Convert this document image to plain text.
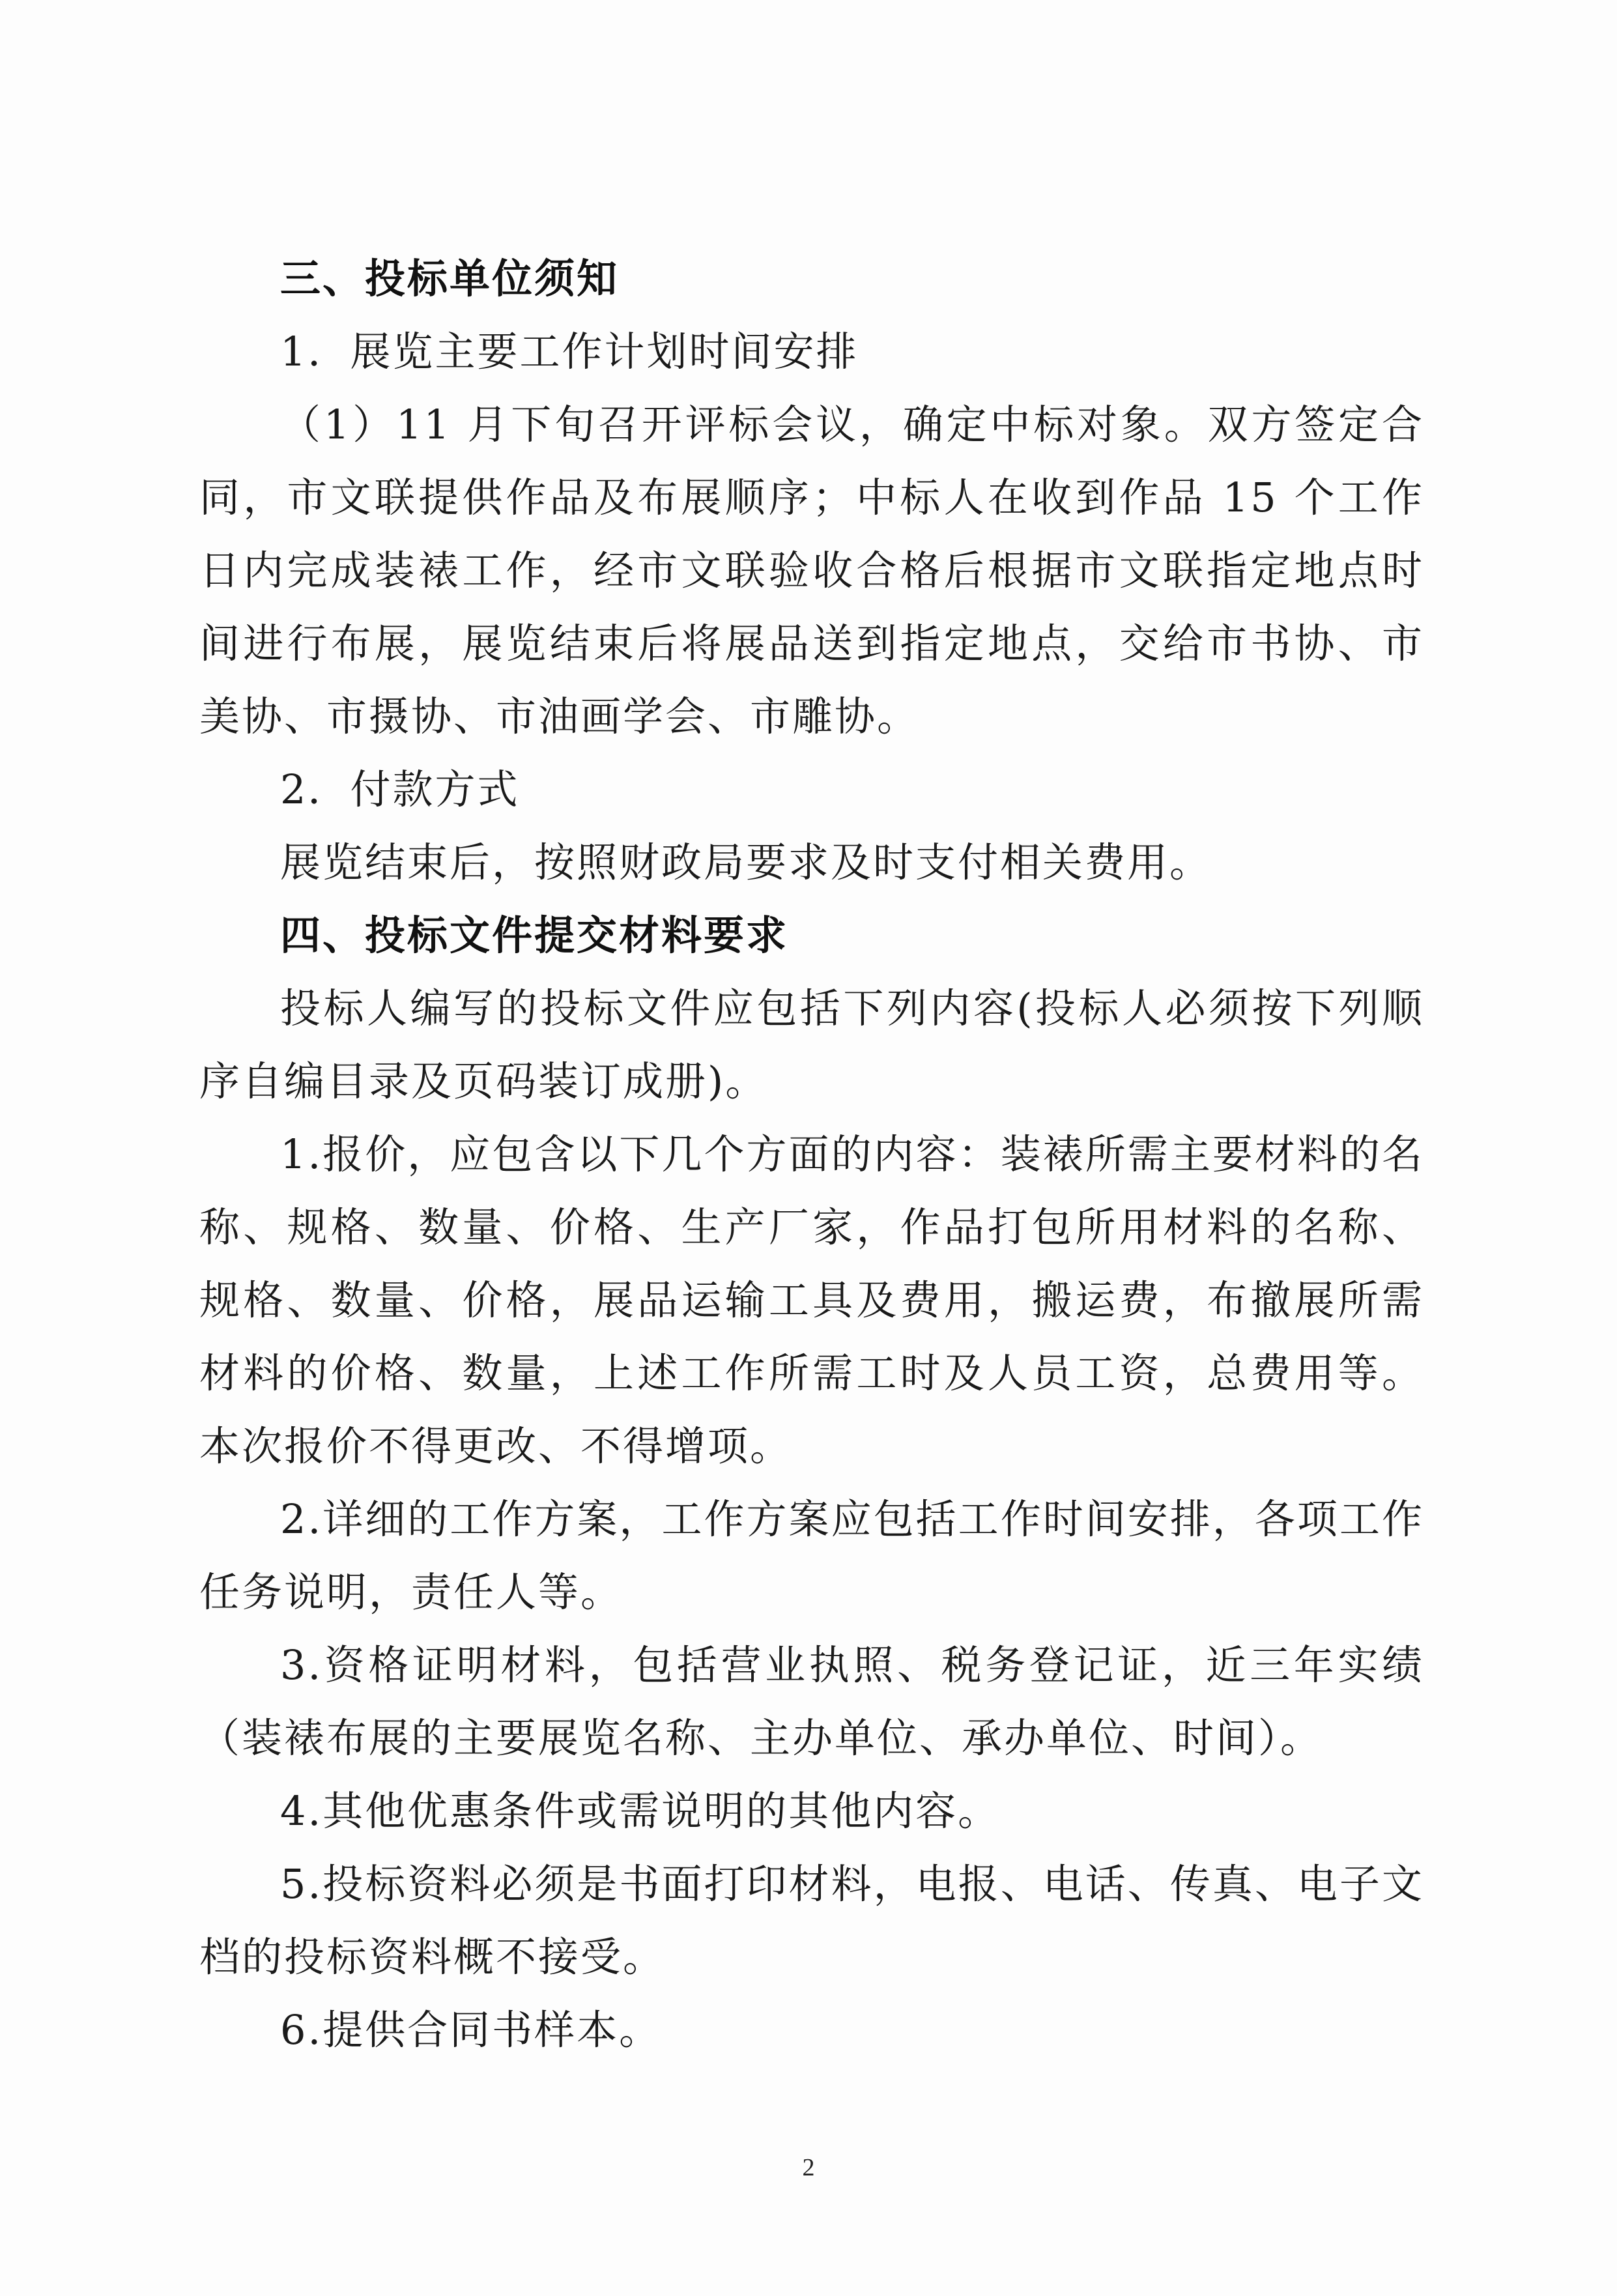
三、投标单位须知

1．展览主要工作计划时间安排

（1）11 月下旬召开评标会议，确定中标对象。双方签定合同，市文联提供作品及布展顺序；中标人在收到作品 15 个工作日内完成装裱工作，经市文联验收合格后根据市文联指定地点时间进行布展，展览结束后将展品送到指定地点，交给市书协、市美协、市摄协、市油画学会、市雕协。

2．付款方式

展览结束后，按照财政局要求及时支付相关费用。

四、投标文件提交材料要求

投标人编写的投标文件应包括下列内容(投标人必须按下列顺序自编目录及页码装订成册)。

1.报价，应包含以下几个方面的内容：装裱所需主要材料的名称、规格、数量、价格、生产厂家，作品打包所用材料的名称、规格、数量、价格，展品运输工具及费用，搬运费，布撤展所需材料的价格、数量，上述工作所需工时及人员工资，总费用等。本次报价不得更改、不得增项。

2.详细的工作方案，工作方案应包括工作时间安排，各项工作任务说明，责任人等。

3.资格证明材料，包括营业执照、税务登记证，近三年实绩（装裱布展的主要展览名称、主办单位、承办单位、时间）。

4.其他优惠条件或需说明的其他内容。

5.投标资料必须是书面打印材料，电报、电话、传真、电子文档的投标资料概不接受。

6.提供合同书样本。

2
